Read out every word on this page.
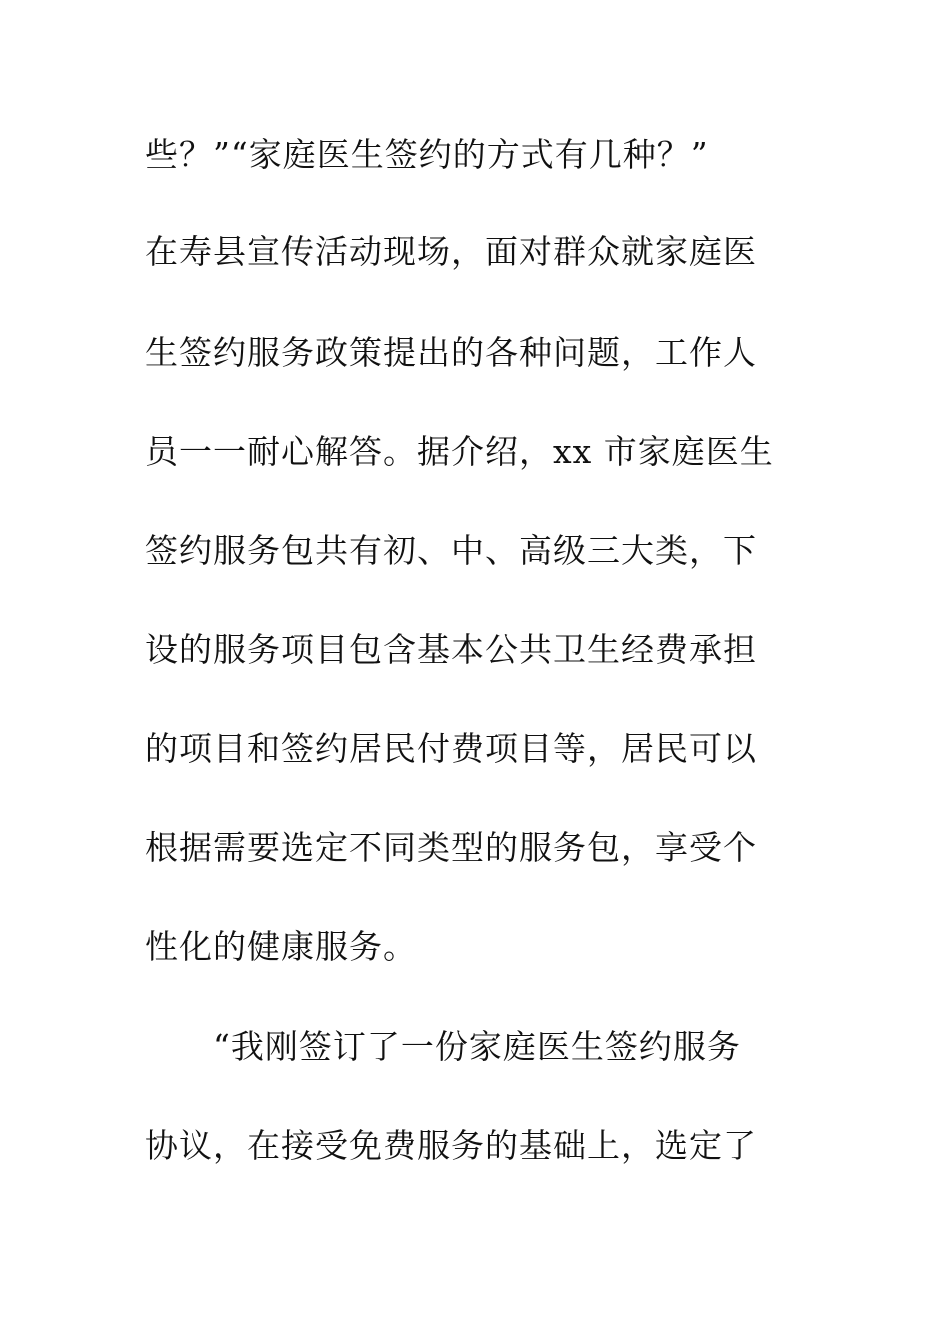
些？”“家庭医生签约的方式有几种？”
在寿县宣传活动现场，面对群众就家庭医
生签约服务政策提出的各种问题，工作人
员一一耐心解答。据介绍，xx 市家庭医生
签约服务包共有初、中、高级三大类，下
设的服务项目包含基本公共卫生经费承担
的项目和签约居民付费项目等，居民可以
根据需要选定不同类型的服务包，享受个
性化的健康服务。
“我刚签订了一份家庭医生签约服务
协议，在接受免费服务的基础上，选定了
